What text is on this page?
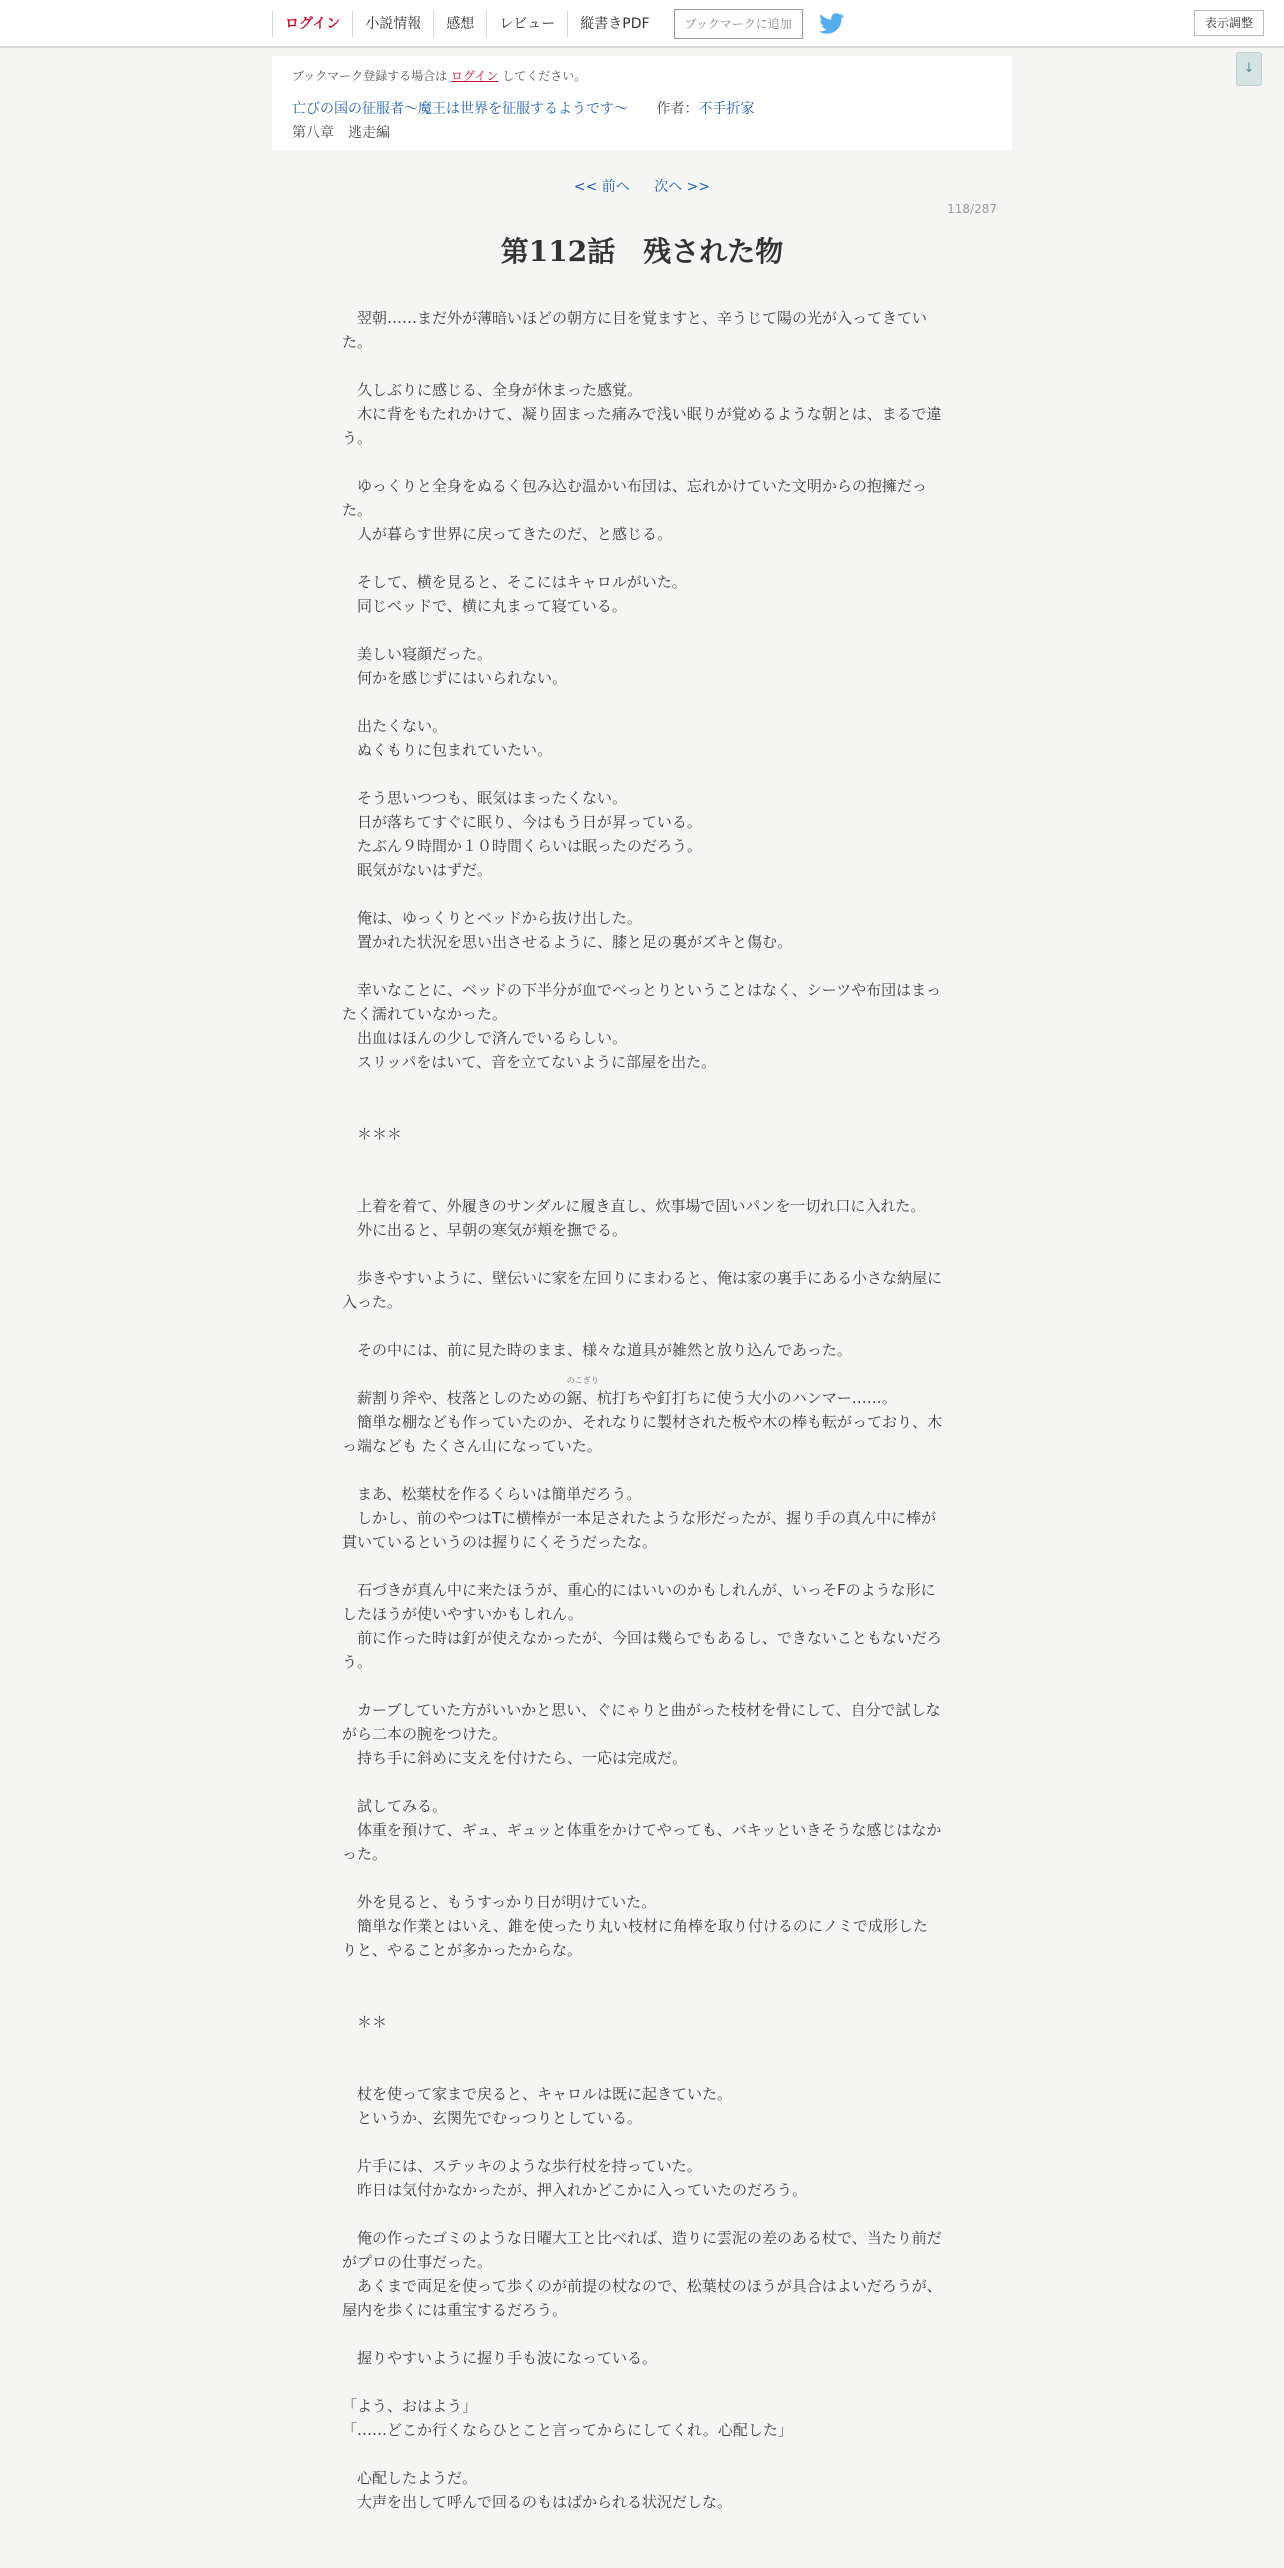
ログイン	小説情報	感想	レビュー	縦書きPDF	ブックマークに追加	表示調整
↓
ブックマーク登録する場合は ログイン してください。
亡びの国の征服者～魔王は世界を征服するようです～ 作者：不手折家
第八章　逃走編
<< 前へ 次へ >>
118/287
第112話　残された物
　翌朝……まだ外が薄暗いほどの朝方に目を覚ますと、辛うじて陽の光が入ってきていた。
　久しぶりに感じる、全身が休まった感覚。
　木に背をもたれかけて、凝り固まった痛みで浅い眠りが覚めるような朝とは、まるで違う。
　ゆっくりと全身をぬるく包み込む温かい布団は、忘れかけていた文明からの抱擁だった。
　人が暮らす世界に戻ってきたのだ、と感じる。
　そして、横を見ると、そこにはキャロルがいた。
　同じベッドで、横に丸まって寝ている。
　美しい寝顔だった。
　何かを感じずにはいられない。
　出たくない。
　ぬくもりに包まれていたい。
　そう思いつつも、眠気はまったくない。
　日が落ちてすぐに眠り、今はもう日が昇っている。
　たぶん９時間か１０時間くらいは眠ったのだろう。
　眠気がないはずだ。
　俺は、ゆっくりとベッドから抜け出した。
　置かれた状況を思い出させるように、膝と足の裏がズキと傷む。
　幸いなことに、ベッドの下半分が血でべっとりということはなく、シーツや布団はまったく濡れていなかった。
　出血はほんの少しで済んでいるらしい。
　スリッパをはいて、音を立てないように部屋を出た。
　＊＊＊
　上着を着て、外履きのサンダルに履き直し、炊事場で固いパンを一切れ口に入れた。
　外に出ると、早朝の寒気が頬を撫でる。
　歩きやすいように、壁伝いに家を左回りにまわると、俺は家の裏手にある小さな納屋に入った。
　その中には、前に見た時のまま、様々な道具が雑然と放り込んであった。
　薪割り斧や、枝落としのための
のこぎり
鋸、杭打ちや釘打ちに使う大小のハンマー……。
　簡単な棚なども作っていたのか、それなりに製材された板や木の棒も転がっており、木っ端なども たくさん山になっていた。
　まあ、松葉杖を作るくらいは簡単だろう。
　しかし、前のやつはTに横棒が一本足されたような形だったが、握り手の真ん中に棒が貫いているというのは握りにくそうだったな。
　石づきが真ん中に来たほうが、重心的にはいいのかもしれんが、いっそFのような形にしたほうが使いやすいかもしれん。
　前に作った時は釘が使えなかったが、今回は幾らでもあるし、できないこともないだろう。
　カーブしていた方がいいかと思い、ぐにゃりと曲がった枝材を骨にして、自分で試しながら二本の腕をつけた。
　持ち手に斜めに支えを付けたら、一応は完成だ。
　試してみる。
　体重を預けて、ギュ、ギュッと体重をかけてやっても、バキッといきそうな感じはなかった。
　外を見ると、もうすっかり日が明けていた。
　簡単な作業とはいえ、錐を使ったり丸い枝材に角棒を取り付けるのにノミで成形したりと、やることが多かったからな。
　＊＊
　杖を使って家まで戻ると、キャロルは既に起きていた。
　というか、玄関先でむっつりとしている。
　片手には、ステッキのような歩行杖を持っていた。
　昨日は気付かなかったが、押入れかどこかに入っていたのだろう。
　俺の作ったゴミのような日曜大工と比べれば、造りに雲泥の差のある杖で、当たり前だがプロの仕事だった。
　あくまで両足を使って歩くのが前提の杖なので、松葉杖のほうが具合はよいだろうが、屋内を歩くには重宝するだろう。
　握りやすいように握り手も波になっている。
「よう、おはよう」
「……どこか行くならひとこと言ってからにしてくれ。心配した」
　心配したようだ。
　大声を出して呼んで回るのもはばかられる状況だしな。
